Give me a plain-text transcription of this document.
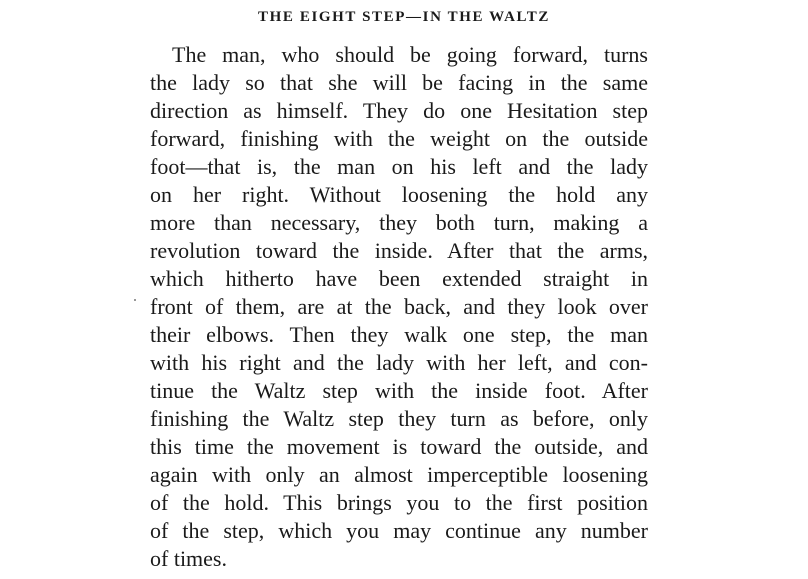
THE EIGHT STEP—IN THE WALTZ
The man, who should be going forward, turns
the lady so that she will be facing in the same
direction as himself. They do one Hesitation step
forward, finishing with the weight on the outside
foot—that is, the man on his left and the lady
on her right. Without loosening the hold any
more than necessary, they both turn, making a
revolution toward the inside. After that the arms,
which hitherto have been extended straight in
front of them, are at the back, and they look over
their elbows. Then they walk one step, the man
with his right and the lady with her left, and con-
tinue the Waltz step with the inside foot. After
finishing the Waltz step they turn as before, only
this time the movement is toward the outside, and
again with only an almost imperceptible loosening
of the hold. This brings you to the first position
of the step, which you may continue any number
of times.
